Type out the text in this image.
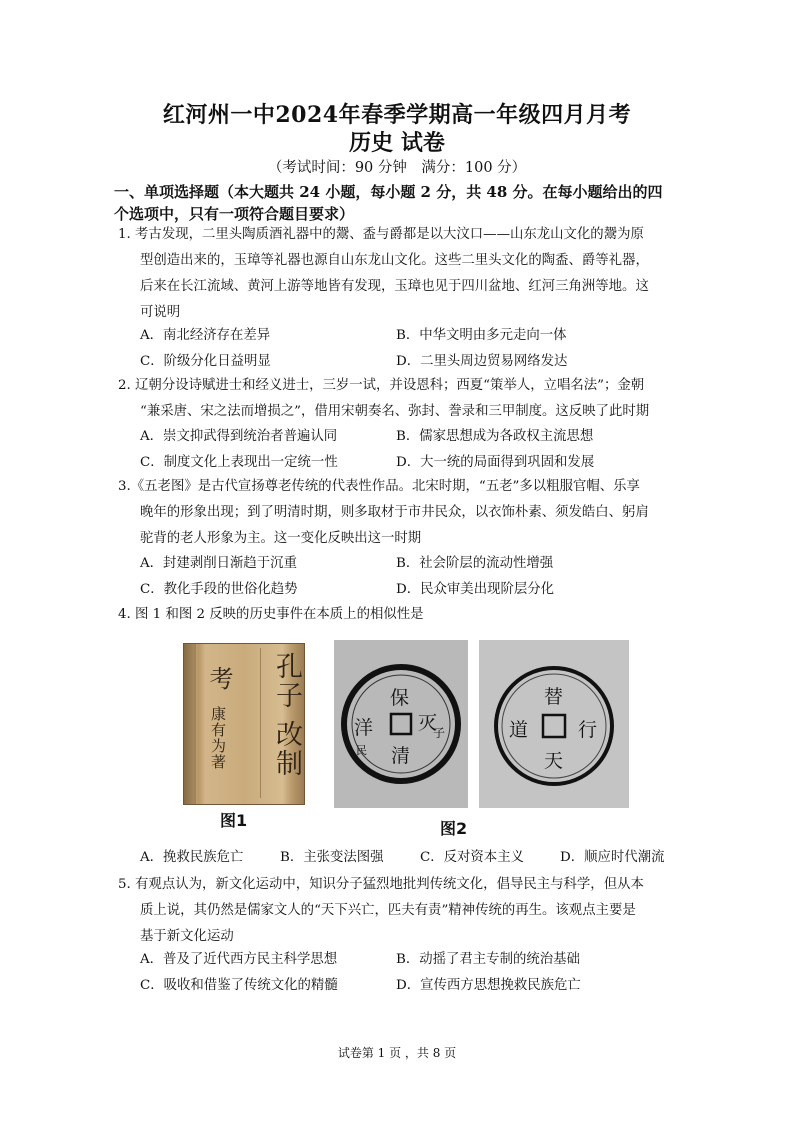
红河州一中2024年春季学期高一年级四月月考
历史 试卷
（考试时间：90 分钟　满分：100 分）
一、单项选择题（本大题共 24 小题，每小题 2 分，共 48 分。在每小题给出的四
个选项中，只有一项符合题目要求）
1. 考古发现，二里头陶质酒礼器中的鬶、盉与爵都是以大汶口——山东龙山文化的鬶为原
型创造出来的，玉璋等礼器也源自山东龙山文化。这些二里头文化的陶盉、爵等礼器，
后来在长江流域、黄河上游等地皆有发现，玉璋也见于四川盆地、红河三角洲等地。这
可说明
A．南北经济存在差异	B．中华文明由多元走向一体
C．阶级分化日益明显	D．二里头周边贸易网络发达
2. 辽朝分设诗赋进士和经义进士，三岁一试，并设恩科；西夏“策举人，立唱名法”；金朝
“兼采唐、宋之法而增损之”，借用宋朝奏名、弥封、誊录和三甲制度。这反映了此时期
A．崇文抑武得到统治者普遍认同	B．儒家思想成为各政权主流思想
C．制度文化上表现出一定统一性	D．大一统的局面得到巩固和发展
3.《五老图》是古代宣扬尊老传统的代表性作品。北宋时期，“五老”多以粗服官帽、乐享
晚年的形象出现；到了明清时期，则多取材于市井民众，以衣饰朴素、须发皓白、躬肩
驼背的老人形象为主。这一变化反映出这一时期
A．封建剥削日渐趋于沉重	B．社会阶层的流动性增强
C．教化手段的世俗化趋势	D．民众审美出现阶层分化
4. 图 1 和图 2 反映的历史事件在本质上的相似性是
考
康有为著
孔子
改制
图1
保
洋 灭
子
清
民
替
道	行
天
图2
A．挽救民族危亡	B．主张变法图强	C．反对资本主义	D．顺应时代潮流
5. 有观点认为，新文化运动中，知识分子猛烈地批判传统文化，倡导民主与科学，但从本
质上说，其仍然是儒家文人的“天下兴亡，匹夫有责”精神传统的再生。该观点主要是
基于新文化运动
A．普及了近代西方民主科学思想	B．动摇了君主专制的统治基础
C．吸收和借鉴了传统文化的精髓	D．宣传西方思想挽救民族危亡
试卷第 1 页 ，共 8 页
